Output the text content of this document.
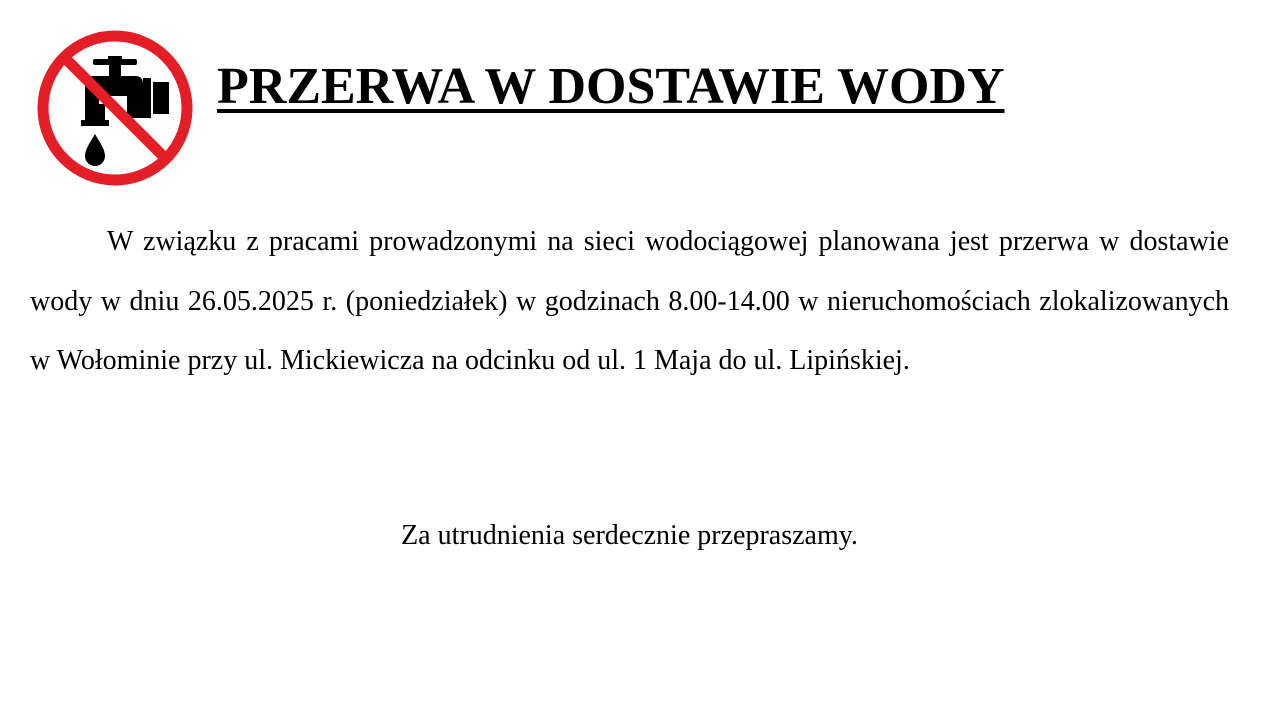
PRZERWA W DOSTAWIE WODY

W związku z pracami prowadzonymi na sieci wodociągowej planowana jest przerwa w dostawie wody w dniu 26.05.2025 r. (poniedziałek) w godzinach 8.00-14.00 w nieruchomościach zlokalizowanych w Wołominie przy ul. Mickiewicza na odcinku od ul. 1 Maja do ul. Lipińskiej.

Za utrudnienia serdecznie przepraszamy.
